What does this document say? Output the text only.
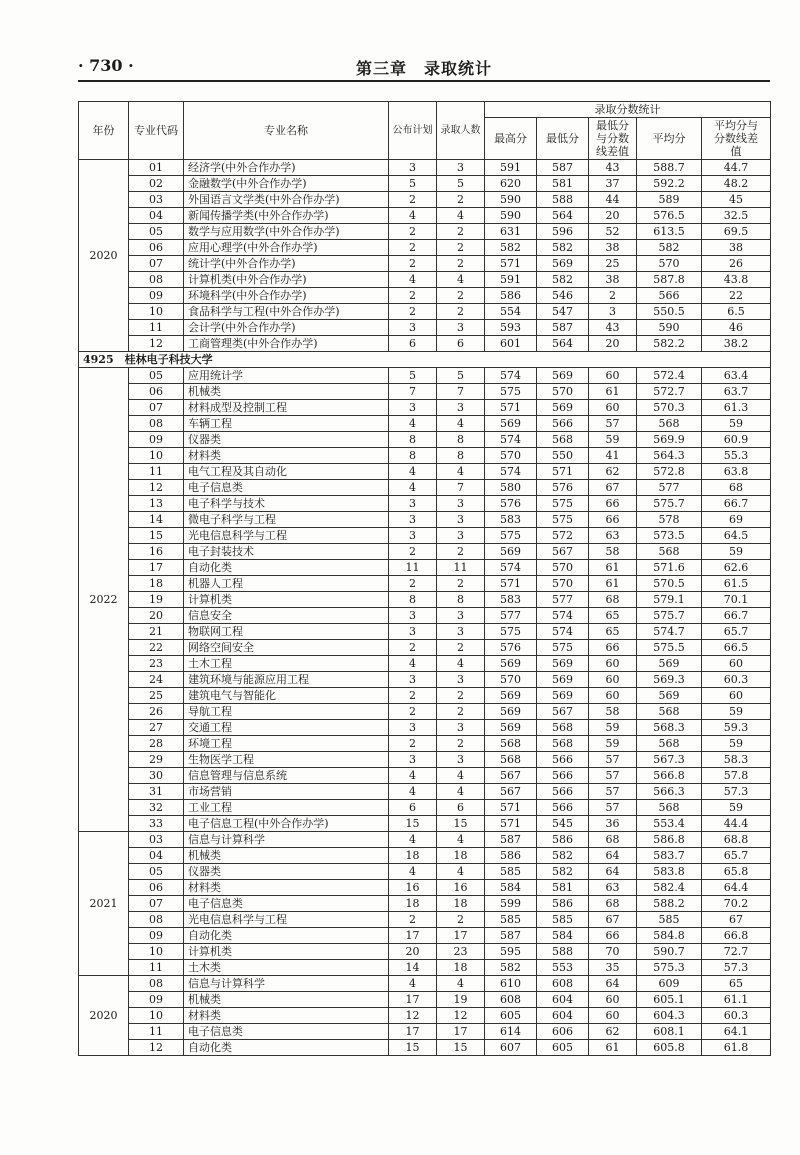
· 730 ·	第三章　录取统计
年份	专业代码	专业名称	公布计划	录取人数	录取分数统计				
					最高分	最低分	最低分与分数线差值	平均分	平均分与分数线差值
2020	01	经济学(中外合作办学)	3	3	591	587	43	588.7	44.7
	02	金融数学(中外合作办学)	5	5	620	581	37	592.2	48.2
	03	外国语言文学类(中外合作办学)	2	2	590	588	44	589	45
	04	新闻传播学类(中外合作办学)	4	4	590	564	20	576.5	32.5
	05	数学与应用数学(中外合作办学)	2	2	631	596	52	613.5	69.5
	06	应用心理学(中外合作办学)	2	2	582	582	38	582	38
	07	统计学(中外合作办学)	2	2	571	569	25	570	26
	08	计算机类(中外合作办学)	4	4	591	582	38	587.8	43.8
	09	环境科学(中外合作办学)	2	2	586	546	2	566	22
	10	食品科学与工程(中外合作办学)	2	2	554	547	3	550.5	6.5
	11	会计学(中外合作办学)	3	3	593	587	43	590	46
	12	工商管理类(中外合作办学)	6	6	601	564	20	582.2	38.2
4925　桂林电子科技大学									
2022	05	应用统计学	5	5	574	569	60	572.4	63.4
	06	机械类	7	7	575	570	61	572.7	63.7
	07	材料成型及控制工程	3	3	571	569	60	570.3	61.3
	08	车辆工程	4	4	569	566	57	568	59
	09	仪器类	8	8	574	568	59	569.9	60.9
	10	材料类	8	8	570	550	41	564.3	55.3
	11	电气工程及其自动化	4	4	574	571	62	572.8	63.8
	12	电子信息类	4	7	580	576	67	577	68
	13	电子科学与技术	3	3	576	575	66	575.7	66.7
	14	微电子科学与工程	3	3	583	575	66	578	69
	15	光电信息科学与工程	3	3	575	572	63	573.5	64.5
	16	电子封装技术	2	2	569	567	58	568	59
	17	自动化类	11	11	574	570	61	571.6	62.6
	18	机器人工程	2	2	571	570	61	570.5	61.5
	19	计算机类	8	8	583	577	68	579.1	70.1
	20	信息安全	3	3	577	574	65	575.7	66.7
	21	物联网工程	3	3	575	574	65	574.7	65.7
	22	网络空间安全	2	2	576	575	66	575.5	66.5
	23	土木工程	4	4	569	569	60	569	60
	24	建筑环境与能源应用工程	3	3	570	569	60	569.3	60.3
	25	建筑电气与智能化	2	2	569	569	60	569	60
	26	导航工程	2	2	569	567	58	568	59
	27	交通工程	3	3	569	568	59	568.3	59.3
	28	环境工程	2	2	568	568	59	568	59
	29	生物医学工程	3	3	568	566	57	567.3	58.3
	30	信息管理与信息系统	4	4	567	566	57	566.8	57.8
	31	市场营销	4	4	567	566	57	566.3	57.3
	32	工业工程	6	6	571	566	57	568	59
	33	电子信息工程(中外合作办学)	15	15	571	545	36	553.4	44.4
2021	03	信息与计算科学	4	4	587	586	68	586.8	68.8
	04	机械类	18	18	586	582	64	583.7	65.7
	05	仪器类	4	4	585	582	64	583.8	65.8
	06	材料类	16	16	584	581	63	582.4	64.4
	07	电子信息类	18	18	599	586	68	588.2	70.2
	08	光电信息科学与工程	2	2	585	585	67	585	67
	09	自动化类	17	17	587	584	66	584.8	66.8
	10	计算机类	20	23	595	588	70	590.7	72.7
	11	土木类	14	18	582	553	35	575.3	57.3
2020	08	信息与计算科学	4	4	610	608	64	609	65
	09	机械类	17	19	608	604	60	605.1	61.1
	10	材料类	12	12	605	604	60	604.3	60.3
	11	电子信息类	17	17	614	606	62	608.1	64.1
	12	自动化类	15	15	607	605	61	605.8	61.8
